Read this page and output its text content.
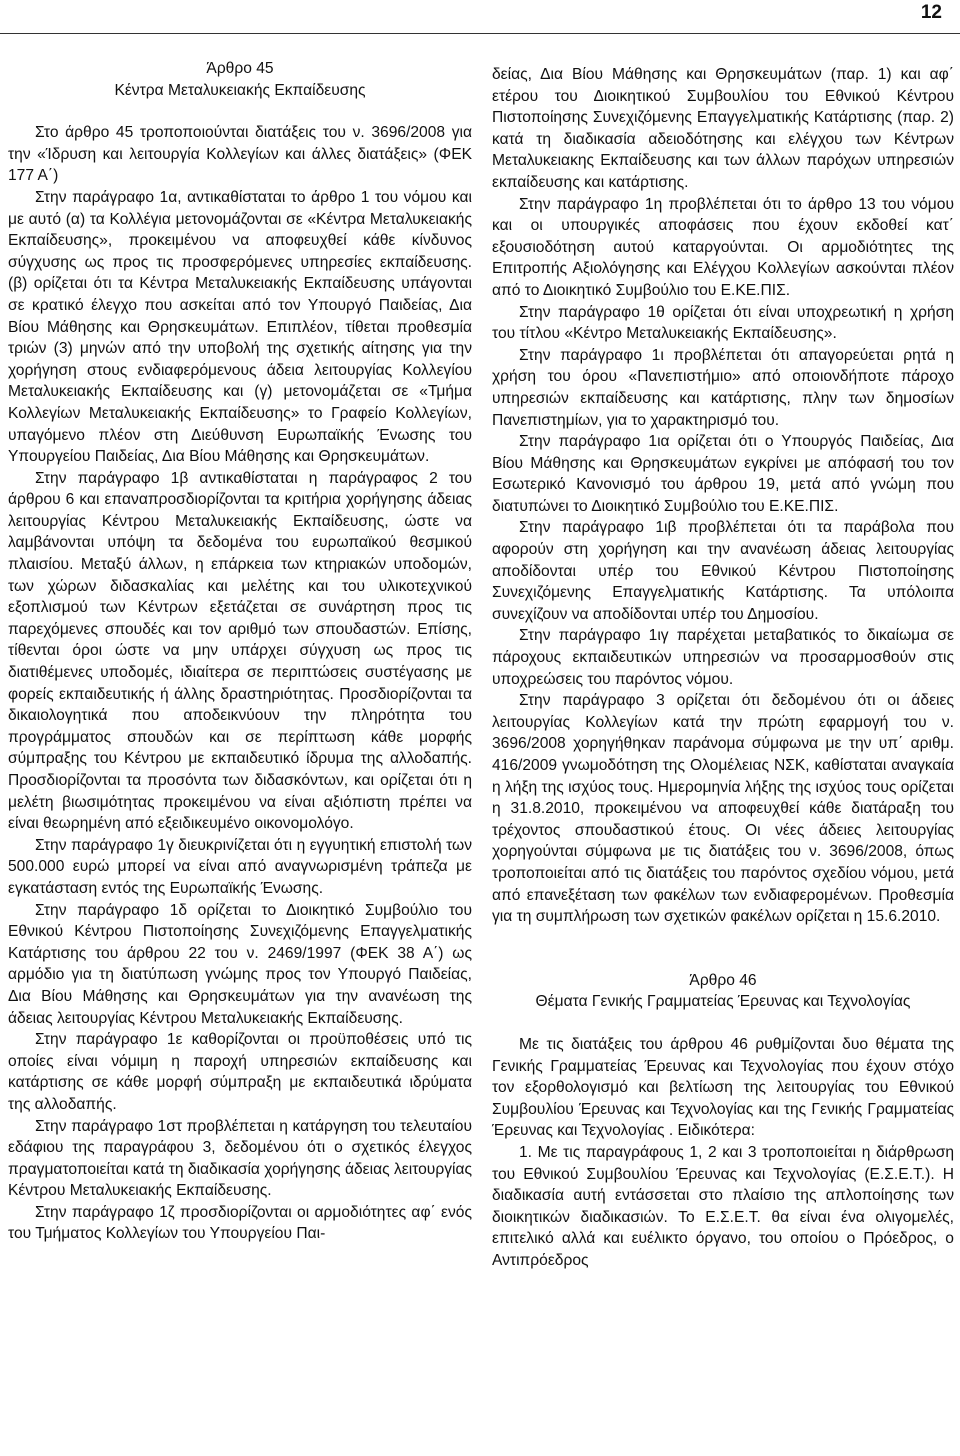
12

Άρθρο 45

Κέντρα Μεταλυκειακής Εκπαίδευσης

Στο άρθρο 45 τροποποιούνται διατάξεις του ν. 3696/2008 για την «Ίδρυση και λειτουργία Κολλεγίων και άλλες διατάξεις» (ΦΕΚ 177 Α΄)

Στην παράγραφο 1α, αντικαθίσταται το άρθρο 1 του νόμου και με αυτό (α) τα Κολλέγια μετονομάζονται σε «Κέντρα Μεταλυκειακής Εκπαίδευσης», προκειμένου να αποφευχθεί κάθε κίνδυνος σύγχυσης ως προς τις προσφερόμενες υπηρεσίες εκπαίδευσης. (β) ορίζεται ότι τα Κέντρα Μεταλυκειακής Εκπαίδευσης υπάγονται σε κρατικό έλεγχο που ασκείται από τον Υπουργό Παιδείας, Δια Βίου Μάθησης και Θρησκευμάτων. Επιπλέον, τίθεται προθεσμία τριών (3) μηνών από την υποβολή της σχετικής αίτησης για την χορήγηση στους ενδιαφερόμενους άδεια λειτουργίας Κολλεγίου Μεταλυκειακής Εκπαίδευσης και (γ) μετονομάζεται σε «Τμήμα Κολλεγίων Μεταλυκειακής Εκπαίδευσης» το Γραφείο Κολλεγίων, υπαγόμενο πλέον στη Διεύθυνση Ευρωπαϊκής Ένωσης του Υπουργείου Παιδείας, Δια Βίου Μάθησης και Θρησκευμάτων.

Στην παράγραφο 1β αντικαθίσταται η παράγραφος 2 του άρθρου 6 και επαναπροσδιορίζονται τα κριτήρια χορήγησης άδειας λειτουργίας Κέντρου Μεταλυκειακής Εκπαίδευσης, ώστε να λαμβάνονται υπόψη τα δεδομένα του ευρωπαϊκού θεσμικού πλαισίου. Μεταξύ άλλων, η επάρκεια των κτηριακών υποδομών, των χώρων διδασκαλίας και μελέτης και του υλικοτεχνικού εξοπλισμού των Κέντρων εξετάζεται σε συνάρτηση προς τις παρεχόμενες σπουδές και τον αριθμό των σπουδαστών. Επίσης, τίθενται όροι ώστε να μην υπάρχει σύγχυση ως προς τις διατιθέμενες υποδομές, ιδιαίτερα σε περιπτώσεις συστέγασης με φορείς εκπαιδευτικής ή άλλης δραστηριότητας. Προσδιορίζονται τα δικαιολογητικά που αποδεικνύουν την πληρότητα του προγράμματος σπουδών και σε περίπτωση κάθε μορφής σύμπραξης του Κέντρου με εκπαιδευτικό ίδρυμα της αλλοδαπής. Προσδιορίζονται τα προσόντα των διδασκόντων, και ορίζεται ότι η μελέτη βιωσιμότητας προκειμένου να είναι αξιόπιστη πρέπει να είναι θεωρημένη από εξειδικευμένο οικονομολόγο.

Στην παράγραφο 1γ διευκρινίζεται ότι η εγγυητική επιστολή των 500.000 ευρώ μπορεί να είναι από αναγνωρισμένη τράπεζα με εγκατάσταση εντός της Ευρωπαϊκής Ένωσης.

Στην παράγραφο 1δ ορίζεται το Διοικητικό Συμβούλιο του Εθνικού Κέντρου Πιστοποίησης Συνεχιζόμενης Επαγγελματικής Κατάρτισης του άρθρου 22 του ν. 2469/1997 (ΦΕΚ 38 Α΄) ως αρμόδιο για τη διατύπωση γνώμης προς τον Υπουργό Παιδείας, Δια Βίου Μάθησης και Θρησκευμάτων για την ανανέωση της άδειας λειτουργίας Κέντρου Μεταλυκειακής Εκπαίδευσης.

Στην παράγραφο 1ε καθορίζονται οι προϋποθέσεις υπό τις οποίες είναι νόμιμη η παροχή υπηρεσιών εκπαίδευσης και κατάρτισης σε κάθε μορφή σύμπραξη με εκπαιδευτικά ιδρύματα της αλλοδαπής.

Στην παράγραφο 1στ προβλέπεται η κατάργηση του τελευταίου εδάφιου της παραγράφου 3, δεδομένου ότι ο σχετικός έλεγχος πραγματοποιείται κατά τη διαδικασία χορήγησης άδειας λειτουργίας Κέντρου Μεταλυκειακής Εκπαίδευσης.

Στην παράγραφο 1ζ προσδιορίζονται οι αρμοδιότητες αφ΄ ενός του Τμήματος Κολλεγίων του Υπουργείου Παι-

δείας, Δια Βίου Μάθησης και Θρησκευμάτων (παρ. 1) και αφ΄ ετέρου του Διοικητικού Συμβουλίου του Εθνικού Κέντρου Πιστοποίησης Συνεχιζόμενης Επαγγελματικής Κατάρτισης (παρ. 2) κατά τη διαδικασία αδειοδότησης και ελέγχου των Κέντρων Μεταλυκειακης Εκπαίδευσης και των άλλων παρόχων υπηρεσιών εκπαίδευσης και κατάρτισης.

Στην παράγραφο 1η προβλέπεται ότι το άρθρο 13 του νόμου και οι υπουργικές αποφάσεις που έχουν εκδοθεί κατ΄ εξουσιοδότηση αυτού καταργούνται. Οι αρμοδιότητες της Επιτροπής Αξιολόγησης και Ελέγχου Κολλεγίων ασκούνται πλέον από το Διοικητικό Συμβούλιο του Ε.ΚΕ.ΠΙΣ.

Στην παράγραφο 1θ ορίζεται ότι είναι υποχρεωτική η χρήση του τίτλου «Κέντρο Μεταλυκειακής Εκπαίδευσης».

Στην παράγραφο 1ι προβλέπεται ότι απαγορεύεται ρητά η χρήση του όρου «Πανεπιστήμιο» από οποιονδήποτε πάροχο υπηρεσιών εκπαίδευσης και κατάρτισης, πλην των δημοσίων Πανεπιστημίων, για το χαρακτηρισμό του.

Στην παράγραφο 1ια ορίζεται ότι ο Υπουργός Παιδείας, Δια Βίου Μάθησης και Θρησκευμάτων εγκρίνει με απόφασή του τον Εσωτερικό Κανονισμό του άρθρου 19, μετά από γνώμη που διατυπώνει το Διοικητικό Συμβούλιο του Ε.ΚΕ.ΠΙΣ.

Στην παράγραφο 1ιβ προβλέπεται ότι τα παράβολα που αφορούν στη χορήγηση και την ανανέωση άδειας λειτουργίας αποδίδονται υπέρ του Εθνικού Κέντρου Πιστοποίησης Συνεχιζόμενης Επαγγελματικής Κατάρτισης. Τα υπόλοιπα συνεχίζουν να αποδίδονται υπέρ του Δημοσίου.

Στην παράγραφο 1ιγ παρέχεται μεταβατικός το δικαίωμα σε πάροχους εκπαιδευτικών υπηρεσιών να προσαρμοσθούν στις υποχρεώσεις του παρόντος νόμου.

Στην παράγραφο 3 ορίζεται ότι δεδομένου ότι οι άδειες λειτουργίας Κολλεγίων κατά την πρώτη εφαρμογή του ν. 3696/2008 χορηγήθηκαν παράνομα σύμφωνα με την υπ΄ αριθμ. 416/2009 γνωμοδότηση της Ολομέλειας ΝΣΚ, καθίσταται αναγκαία η λήξη της ισχύος τους. Ημερομηνία λήξης της ισχύος τους ορίζεται η 31.8.2010, προκειμένου να αποφευχθεί κάθε διατάραξη του τρέχοντος σπουδαστικού έτους. Οι νέες άδειες λειτουργίας χορηγούνται σύμφωνα με τις διατάξεις του ν. 3696/2008, όπως τροποποιείται από τις διατάξεις του παρόντος σχεδίου νόμου, μετά από επανεξέταση των φακέλων των ενδιαφερομένων. Προθεσμία για τη συμπλήρωση των σχετικών φακέλων ορίζεται η 15.6.2010.

Άρθρο 46

Θέματα Γενικής Γραμματείας Έρευνας και Τεχνολογίας

Με τις διατάξεις του άρθρου 46 ρυθμίζονται δυο θέματα της Γενικής Γραμματείας Έρευνας και Τεχνολογίας που έχουν στόχο τον εξορθολογισμό και βελτίωση της λειτουργίας του Εθνικού Συμβουλίου Έρευνας και Τεχνολογίας και της Γενικής Γραμματείας Έρευνας και Τεχνολογίας . Ειδικότερα:

1. Με τις παραγράφους 1, 2 και 3 τροποποιείται η διάρθρωση του Εθνικού Συμβουλίου Έρευνας και Τεχνολογίας (Ε.Σ.Ε.Τ.). Η διαδικασία αυτή εντάσσεται στο πλαίσιο της απλοποίησης των διοικητικών διαδικασιών. Το Ε.Σ.Ε.Τ. θα είναι ένα ολιγομελές, επιτελικό αλλά και ευέλικτο όργανο, του οποίου ο Πρόεδρος, ο Αντιπρόεδρος
